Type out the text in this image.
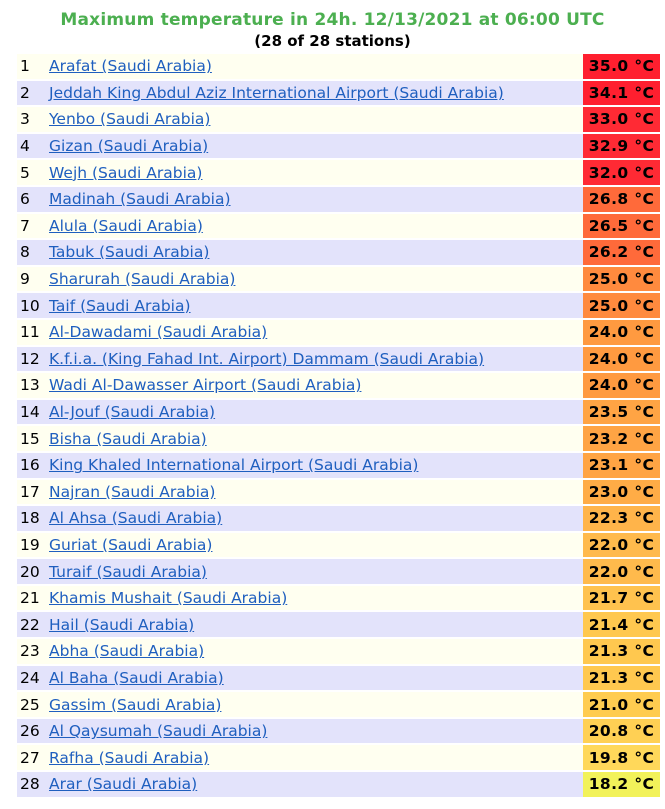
Maximum temperature in 24h. 12/13/2021 at 06:00 UTC
(28 of 28 stations)
1	Arafat (Saudi Arabia)	35.0 °C
2	Jeddah King Abdul Aziz International Airport (Saudi Arabia)	34.1 °C
3	Yenbo (Saudi Arabia)	33.0 °C
4	Gizan (Saudi Arabia)	32.9 °C
5	Wejh (Saudi Arabia)	32.0 °C
6	Madinah (Saudi Arabia)	26.8 °C
7	Alula (Saudi Arabia)	26.5 °C
8	Tabuk (Saudi Arabia)	26.2 °C
9	Sharurah (Saudi Arabia)	25.0 °C
10	Taif (Saudi Arabia)	25.0 °C
11	Al-Dawadami (Saudi Arabia)	24.0 °C
12	K.f.i.a. (King Fahad Int. Airport) Dammam (Saudi Arabia)	24.0 °C
13	Wadi Al-Dawasser Airport (Saudi Arabia)	24.0 °C
14	Al-Jouf (Saudi Arabia)	23.5 °C
15	Bisha (Saudi Arabia)	23.2 °C
16	King Khaled International Airport (Saudi Arabia)	23.1 °C
17	Najran (Saudi Arabia)	23.0 °C
18	Al Ahsa (Saudi Arabia)	22.3 °C
19	Guriat (Saudi Arabia)	22.0 °C
20	Turaif (Saudi Arabia)	22.0 °C
21	Khamis Mushait (Saudi Arabia)	21.7 °C
22	Hail (Saudi Arabia)	21.4 °C
23	Abha (Saudi Arabia)	21.3 °C
24	Al Baha (Saudi Arabia)	21.3 °C
25	Gassim (Saudi Arabia)	21.0 °C
26	Al Qaysumah (Saudi Arabia)	20.8 °C
27	Rafha (Saudi Arabia)	19.8 °C
28	Arar (Saudi Arabia)	18.2 °C
